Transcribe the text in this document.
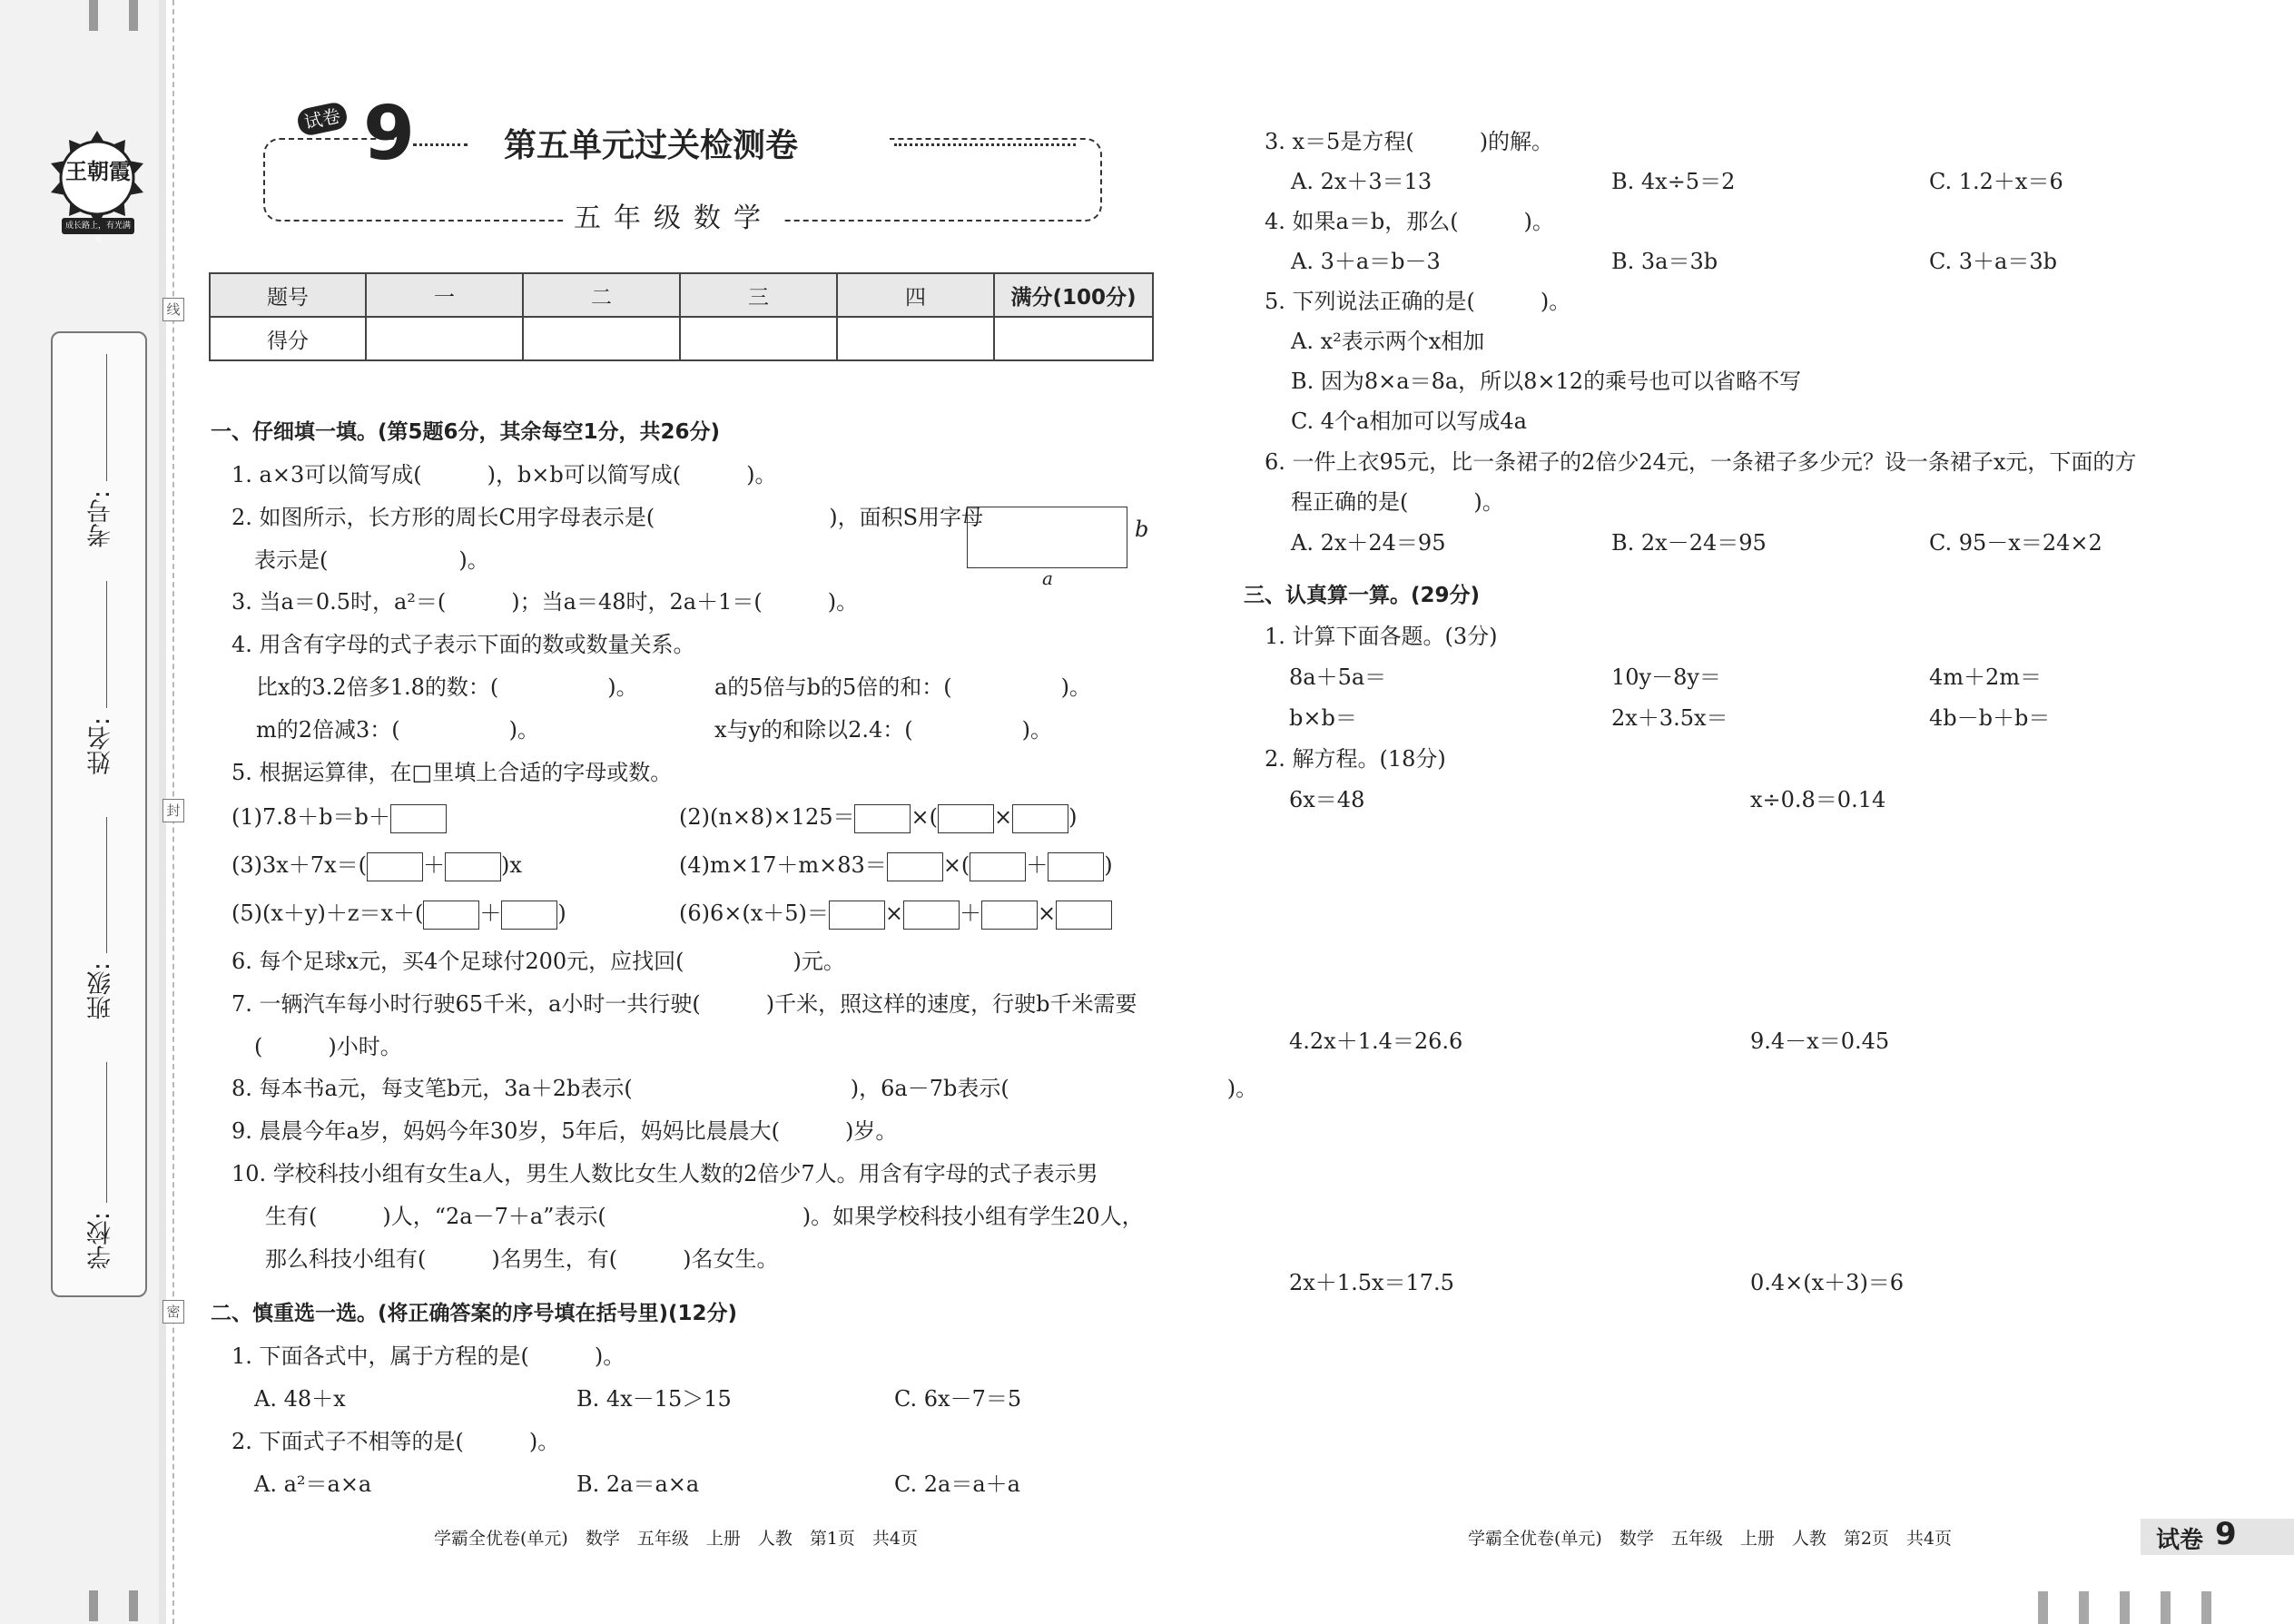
线
封
密
考号:
姓名:
班级:
学校:
王朝霞
成长路上，有光满天
试卷 9	第五单元过关检测卷
五年级数学
题号	一	二	三	四	满分(100分)
得分					
一、仔细填一填。(第5题6分，其余每空1分，共26分)
1. a×3可以简写成(　　　)，b×b可以简写成(　　　)。
2. 如图所示，长方形的周长C用字母表示是(　　　　　　　　)，面积S用字母
表示是(　　　　　　)。
b
a
3. 当a＝0.5时，a²＝(　　　)；当a＝48时，2a＋1＝(　　　)。
4. 用含有字母的式子表示下面的数或数量关系。
比x的3.2倍多1.8的数：(　　　　　)。	a的5倍与b的5倍的和：(　　　　　)。
m的2倍减3：(　　　　　)。	x与y的和除以2.4：(　　　　　)。
5. 根据运算律，在□里填上合适的字母或数。
(1)7.8＋b＝b＋	(2)(n×8)×125＝	×(	×	)
(3)3x＋7x＝(	＋	)x	(4)m×17＋m×83＝	×(	＋	)
(5)(x＋y)＋z＝x＋(	＋	)	(6)6×(x＋5)＝	×	＋	×
6. 每个足球x元，买4个足球付200元，应找回(　　　　　)元。
7. 一辆汽车每小时行驶65千米，a小时一共行驶(　　　)千米，照这样的速度，行驶b千米需要
(　　　)小时。
8. 每本书a元，每支笔b元，3a＋2b表示(　　　　　　　　　　)，6a－7b表示(　　　　　　　　　　)。
9. 晨晨今年a岁，妈妈今年30岁，5年后，妈妈比晨晨大(　　　)岁。
10. 学校科技小组有女生a人，男生人数比女生人数的2倍少7人。用含有字母的式子表示男
生有(　　　)人，“2a－7＋a”表示(　　　　　　　　　)。如果学校科技小组有学生20人，
那么科技小组有(　　　)名男生，有(　　　)名女生。
二、慎重选一选。(将正确答案的序号填在括号里)(12分)
1. 下面各式中，属于方程的是(　　　)。
A. 48＋x	B. 4x－15＞15	C. 6x－7＝5
2. 下面式子不相等的是(　　　)。
A. a²＝a×a	B. 2a＝a×a	C. 2a＝a＋a
学霸全优卷(单元)　数学　五年级　上册　人教　第1页　共4页
3. x＝5是方程(　　　)的解。
A. 2x＋3＝13	B. 4x÷5＝2	C. 1.2＋x＝6
4. 如果a＝b，那么(　　　)。
A. 3＋a＝b－3	B. 3a＝3b	C. 3＋a＝3b
5. 下列说法正确的是(　　　)。
A. x²表示两个x相加
B. 因为8×a＝8a，所以8×12的乘号也可以省略不写
C. 4个a相加可以写成4a
6. 一件上衣95元，比一条裙子的2倍少24元，一条裙子多少元？设一条裙子x元，下面的方
程正确的是(　　　)。
A. 2x＋24＝95	B. 2x－24＝95	C. 95－x＝24×2
三、认真算一算。(29分)
1. 计算下面各题。(3分)
8a＋5a＝	10y－8y＝	4m＋2m＝
b×b＝	2x＋3.5x＝	4b－b＋b＝
2. 解方程。(18分)
6x＝48	x÷0.8＝0.14
4.2x＋1.4＝26.6	9.4－x＝0.45
2x＋1.5x＝17.5	0.4×(x＋3)＝6
学霸全优卷(单元)　数学　五年级　上册　人教　第2页　共4页	试卷 9
